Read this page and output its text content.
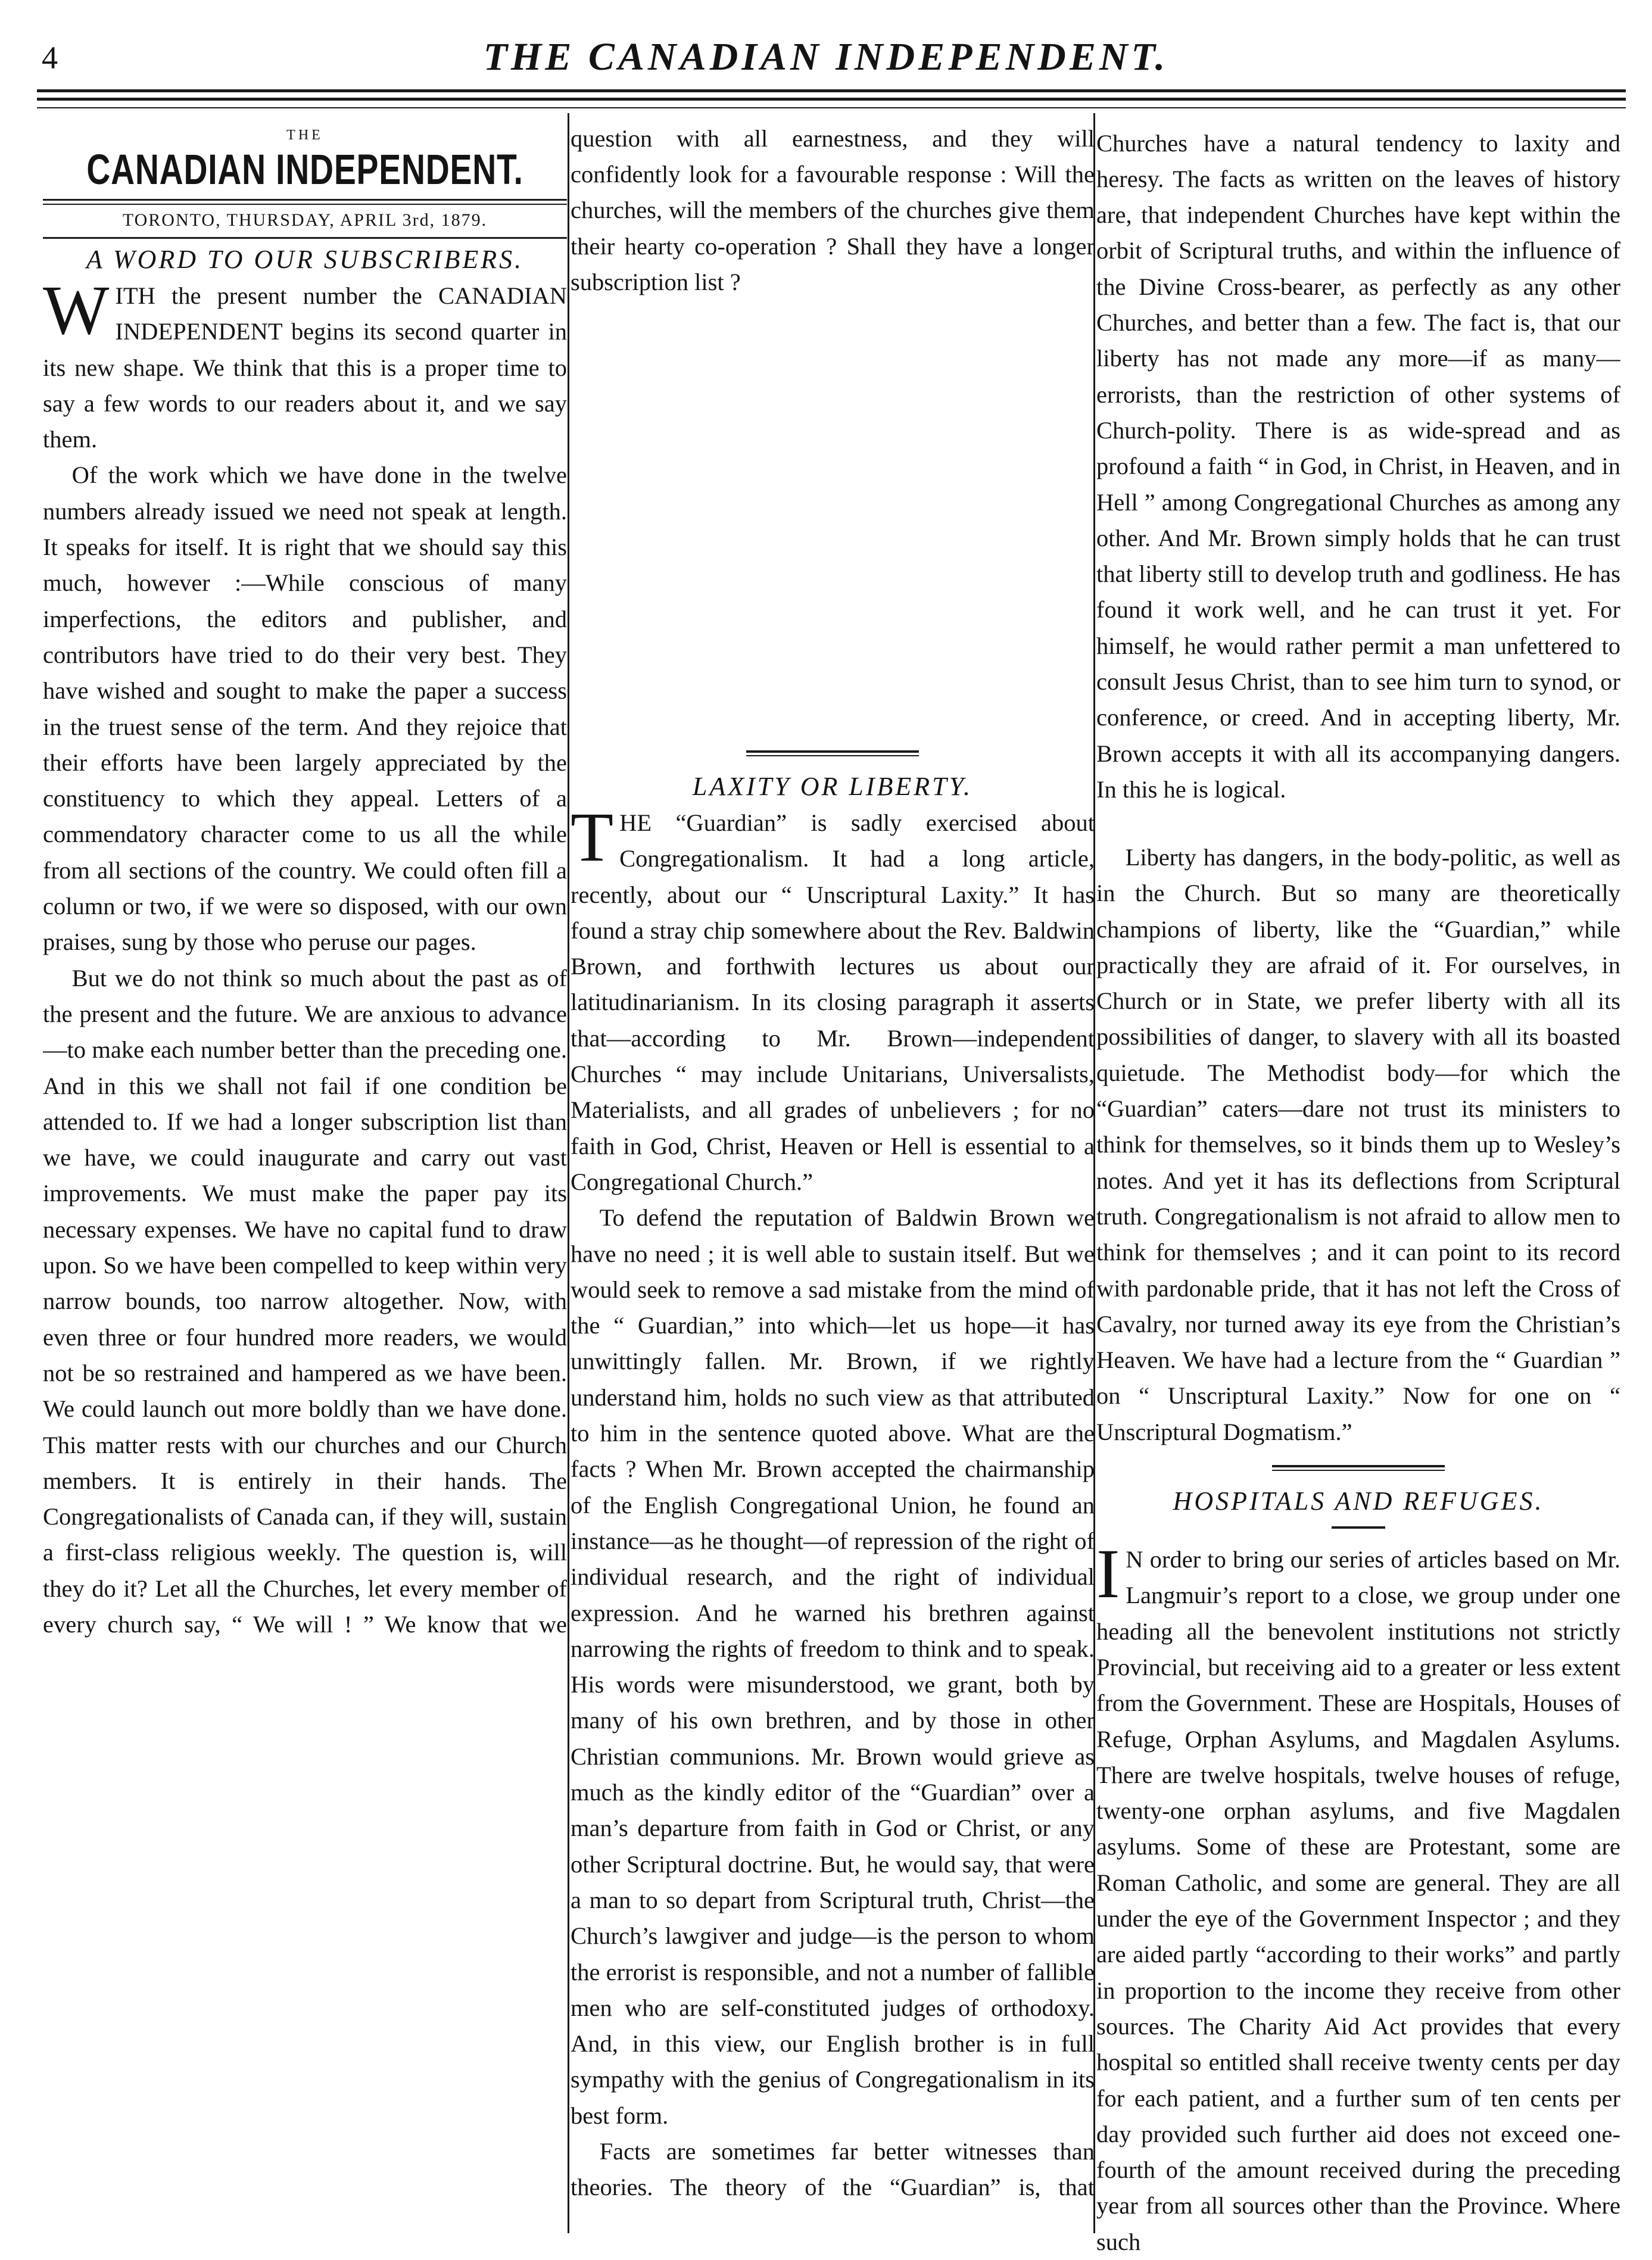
4	THE CANADIAN INDEPENDENT.
THE
CANADIAN INDEPENDENT.
TORONTO, THURSDAY, APRIL 3rd, 1879.
A WORD TO OUR SUBSCRIBERS.

WITH the present number the CANADIAN INDEPENDENT begins its second quarter in its new shape. We think that this is a proper time to say a few words to our readers about it, and we say them.

Of the work which we have done in the twelve numbers already issued we need not speak at length. It speaks for itself. It is right that we should say this much, however :—While conscious of many imperfections, the editors and publisher, and contributors have tried to do their very best. They have wished and sought to make the paper a success in the truest sense of the term. And they rejoice that their efforts have been largely appreciated by the constituency to which they appeal. Letters of a commendatory character come to us all the while from all sections of the country. We could often fill a column or two, if we were so disposed, with our own praises, sung by those who peruse our pages.

But we do not think so much about the past as of the present and the future. We are anxious to advance—to make each number better than the preceding one. And in this we shall not fail if one condition be attended to. If we had a longer subscription list than we have, we could inaugurate and carry out vast improvements. We must make the paper pay its necessary expenses. We have no capital fund to draw upon. So we have been compelled to keep within very narrow bounds, too narrow altogether. Now, with even three or four hundred more readers, we would not be so restrained and hampered as we have been. We could launch out more boldly than we have done. This matter rests with our churches and our Church members. It is entirely in their hands. The Congregationalists of Canada can, if they will, sustain a first-class religious weekly. The question is, will they do it? Let all the Churches, let every member of every church say, “ We will ! ” We know that we

question with all earnestness, and they will confidently look for a favourable response : Will the churches, will the members of the churches give them their hearty co-operation ? Shall they have a longer subscription list ?

LAXITY OR LIBERTY.

THE “Guardian” is sadly exercised about Congregationalism. It had a long article, recently, about our “ Unscriptural Laxity.” It has found a stray chip somewhere about the Rev. Baldwin Brown, and forthwith lectures us about our latitudinarianism. In its closing paragraph it asserts that—according to Mr. Brown—independent Churches “ may include Unitarians, Universalists, Materialists, and all grades of unbelievers ; for no faith in God, Christ, Heaven or Hell is essential to a Congregational Church.”

To defend the reputation of Baldwin Brown we have no need ; it is well able to sustain itself. But we would seek to remove a sad mistake from the mind of the “ Guardian,” into which—let us hope—it has unwittingly fallen. Mr. Brown, if we rightly understand him, holds no such view as that attributed to him in the sentence quoted above. What are the facts ? When Mr. Brown accepted the chairmanship of the English Congregational Union, he found an instance—as he thought—of repression of the right of individual research, and the right of individual expression. And he warned his brethren against narrowing the rights of freedom to think and to speak. His words were misunderstood, we grant, both by many of his own brethren, and by those in other Christian communions. Mr. Brown would grieve as much as the kindly editor of the “Guardian” over a man’s departure from faith in God or Christ, or any other Scriptural doctrine. But, he would say, that were a man to so depart from Scriptural truth, Christ—the Church’s lawgiver and judge—is the person to whom the errorist is responsible, and not a number of fallible men who are self-constituted judges of orthodoxy. And, in this view, our English brother is in full sympathy with the genius of Congregationalism in its best form.

Facts are sometimes far better witnesses than theories. The theory of the “Guardian” is, that

Churches have a natural tendency to laxity and heresy. The facts as written on the leaves of history are, that independent Churches have kept within the orbit of Scriptural truths, and within the influence of the Divine Cross-bearer, as perfectly as any other Churches, and better than a few. The fact is, that our liberty has not made any more—if as many—errorists, than the restriction of other systems of Church-polity. There is as wide-spread and as profound a faith “ in God, in Christ, in Heaven, and in Hell ” among Congregational Churches as among any other. And Mr. Brown simply holds that he can trust that liberty still to develop truth and godliness. He has found it work well, and he can trust it yet. For himself, he would rather permit a man unfettered to consult Jesus Christ, than to see him turn to synod, or conference, or creed. And in accepting liberty, Mr. Brown accepts it with all its accompanying dangers. In this he is logical.

Liberty has dangers, in the body-politic, as well as in the Church. But so many are theoretically champions of liberty, like the “Guardian,” while practically they are afraid of it. For ourselves, in Church or in State, we prefer liberty with all its possibilities of danger, to slavery with all its boasted quietude. The Methodist body—for which the “Guardian” caters—dare not trust its ministers to think for themselves, so it binds them up to Wesley’s notes. And yet it has its deflections from Scriptural truth. Congregationalism is not afraid to allow men to think for themselves ; and it can point to its record with pardonable pride, that it has not left the Cross of Cavalry, nor turned away its eye from the Christian’s Heaven. We have had a lecture from the “ Guardian ” on “ Unscriptural Laxity.” Now for one on “ Unscriptural Dogmatism.”

HOSPITALS AND REFUGES.

I N order to bring our series of articles based on Mr. Langmuir’s report to a close, we group under one heading all the benevolent institutions not strictly Provincial, but receiving aid to a greater or less extent from the Government. These are Hospitals, Houses of Refuge, Orphan Asylums, and Magdalen Asylums. There are twelve hospitals, twelve houses of refuge, twenty-one orphan asylums, and five Magdalen asylums. Some of these are Protestant, some are Roman Catholic, and some are general. They are all under the eye of the Government Inspector ; and they are aided partly “according to their works” and partly in proportion to the income they receive from other sources. The Charity Aid Act provides that every hospital so entitled shall receive twenty cents per day for each patient, and a further sum of ten cents per day provided such further aid does not exceed one-fourth of the amount received during the preceding year from all sources other than the Province. Where such
